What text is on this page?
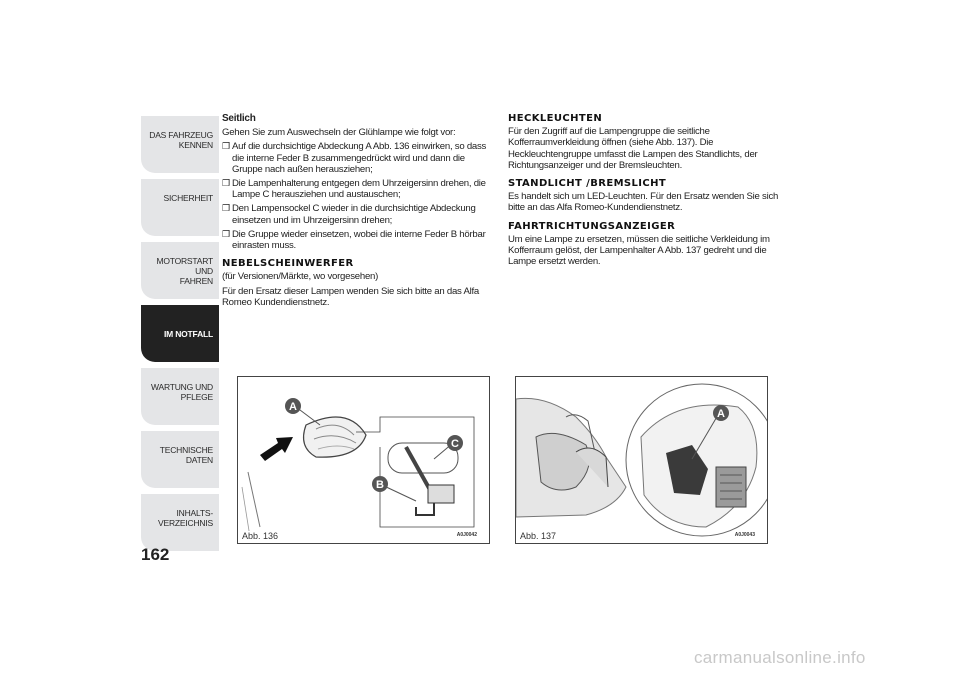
DAS FAHRZEUG
KENNEN
SICHERHEIT
MOTORSTART UND
FAHREN
IM NOTFALL
WARTUNG UND
PFLEGE
TECHNISCHE DATEN
INHALTS-
VERZEICHNIS
162
Seitlich

Gehen Sie zum Auswechseln der Glühlampe wie folgt vor:

❒ Auf die durchsichtige Abdeckung A Abb. 136 einwirken, so dass die interne Feder B zusammengedrückt wird und dann die Gruppe nach außen herausziehen;
❒ Die Lampenhalterung entgegen dem Uhrzeigersinn drehen, die Lampe C herausziehen und austauschen;
❒ Den Lampensockel C wieder in die durchsichtige Abdeckung einsetzen und im Uhrzeigersinn drehen;
❒ Die Gruppe wieder einsetzen, wobei die interne Feder B hörbar einrasten muss.
NEBELSCHEINWERFER

(für Versionen/Märkte, wo vorgesehen)

Für den Ersatz dieser Lampen wenden Sie sich bitte an das Alfa Romeo Kundendienstnetz.

HECKLEUCHTEN

Für den Zugriff auf die Lampengruppe die seitliche Kofferraumverkleidung öffnen (siehe Abb. 137). Die Heckleuchtengruppe umfasst die Lampen des Standlichts, der Richtungsanzeiger und der Bremsleuchten.

STANDLICHT /BREMSLICHT

Es handelt sich um LED-Leuchten. Für den Ersatz wenden Sie sich bitte an das Alfa Romeo-Kundendienstnetz.

FAHRTRICHTUNGSANZEIGER

Um eine Lampe zu ersetzen, müssen die seitliche Verkleidung im Kofferraum gelöst, der Lampenhalter A Abb. 137 gedreht und die Lampe ersetzt werden.

A
C
B
Abb. 136	A0J0042
A
Abb. 137	A0J0043
carmanualsonline.info
